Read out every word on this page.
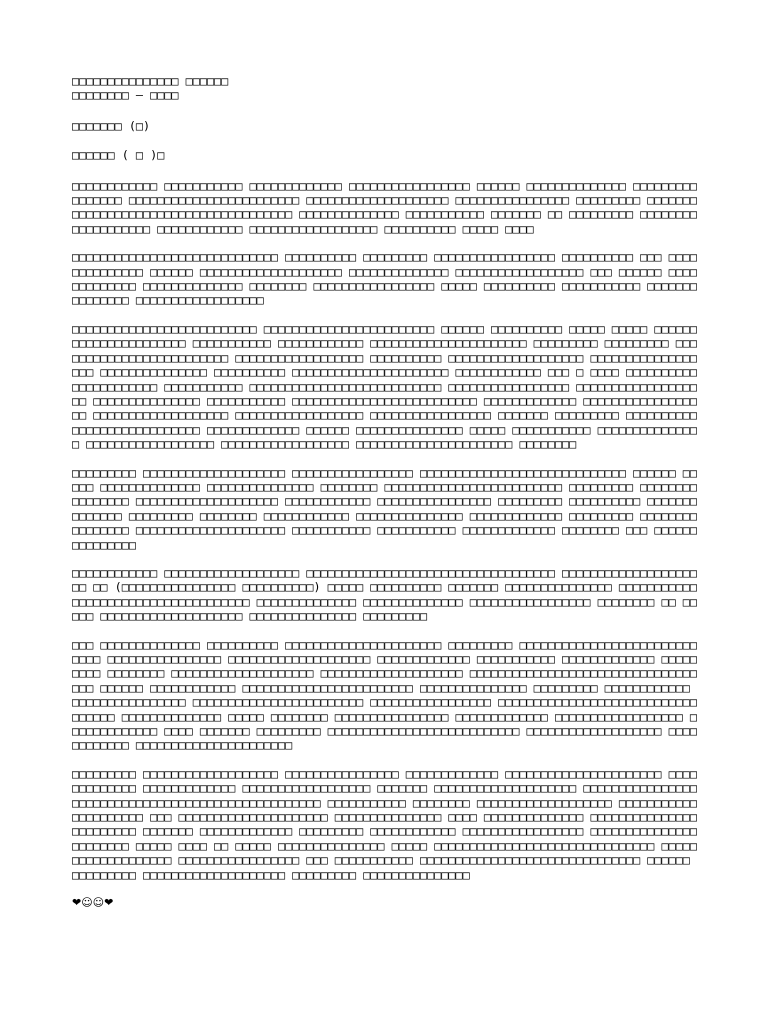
□□□□□□□□□□□□□□□ □□□□□□

□□□□□□□□ – □□□□

□□□□□□□ (□)

□□□□□□ ( □ )□

□□□□□□□□□□□□ □□□□□□□□□□□ □□□□□□□□□□□□□ □□□□□□□□□□□□□□□□□ □□□□□□ □□□□□□□□□□□□□□ □□□□□□□□□□□□□□□□ □□□□□□□□□□□□□□□□□□□□□□□□ □□□□□□□□□□□□□□□□□□□□ □□□□□□□□□□□□□□□□ □□□□□□□□□ □□□□□□□□□□□□□□□□□□□□□□□□□□□□□□□□□□□□□□ □□□□□□□□□□□□□□ □□□□□□□□□□□ □□□□□□□ □□ □□□□□□□□□ □□□□□□□□□□□□□□□□□□□ □□□□□□□□□□□□ □□□□□□□□□□□□□□□□□□ □□□□□□□□□□ □□□□□ □□□□

□□□□□□□□□□□□□□□□□□□□□□□□□□□□□ □□□□□□□□□□ □□□□□□□□□ □□□□□□□□□□□□□□□□□ □□□□□□□□□□ □□□ □□□□□□□□□□□□□□ □□□□□□ □□□□□□□□□□□□□□□□□□□□ □□□□□□□□□□□□□□ □□□□□□□□□□□□□□□□□□ □□□ □□□□□□ □□□□□□□□□□□□□ □□□□□□□□□□□□□□ □□□□□□□□ □□□□□□□□□□□□□□□□□ □□□□□ □□□□□□□□□□ □□□□□□□□□□□ □□□□□□□□□□□□□□□ □□□□□□□□□□□□□□□□□□

□□□□□□□□□□□□□□□□□□□□□□□□□□ □□□□□□□□□□□□□□□□□□□□□□□□ □□□□□□ □□□□□□□□□□ □□□□□ □□□□□ □□□□□□□□□□□□□□□□□□□□□□ □□□□□□□□□□□ □□□□□□□□□□□□ □□□□□□□□□□□□□□□□□□□□□□ □□□□□□□□□ □□□□□□□□□ □□□□□□□□□□□□□□□□□□□□□□□□□ □□□□□□□□□□□□□□□□□□ □□□□□□□□□□ □□□□□□□□□□□□□□□□□□□ □□□□□□□□□□□□□□□□□□ □□□□□□□□□□□□□□□ □□□□□□□□□□ □□□□□□□□□□□□□□□□□□□□□□ □□□□□□□□□□□□ □□□ □ □□□□ □□□□□□□□□□□□□□□□□□□□□□ □□□□□□□□□□□ □□□□□□□□□□□□□□□□□□□□□□□□□□□ □□□□□□□□□□□□□□□□□ □□□□□□□□□□□□□□□□□□□ □□□□□□□□□□□□□□□ □□□□□□□□□□□ □□□□□□□□□□□□□□□□□□□□□□□□□□ □□□□□□□□□□□□□ □□□□□□□□□□□□□□□□□□ □□□□□□□□□□□□□□□□□□□ □□□□□□□□□□□□□□□□□□ □□□□□□□□□□□□□□□□□ □□□□□□□ □□□□□□□□□ □□□□□□□□□□ □□□□□□□□□□□□□□□□□□ □□□□□□□□□□□□□ □□□□□□ □□□□□□□□□□□□□□□ □□□□□ □□□□□□□□□□□ □□□□□□□□□□□□□□□ □□□□□□□□□□□□□□□□□□ □□□□□□□□□□□□□□□□□□ □□□□□□□□□□□□□□□□□□□□□□ □□□□□□□□

□□□□□□□□□ □□□□□□□□□□□□□□□□□□□□ □□□□□□□□□□□□□□□□□ □□□□□□□□□□□□□□□□□□□□□□□□□□□□□ □□□□□□ □□□□□ □□□□□□□□□□□□□□ □□□□□□□□□□□□□□□ □□□□□□□□ □□□□□□□□□□□□□□□□□□□□□□□□□ □□□□□□□□□ □□□□□□□□□□□□□□□□ □□□□□□□□□□□□□□□□□□□□ □□□□□□□□□□□□ □□□□□□□□□□□□□□□□ □□□□□□□□□ □□□□□□□□□□ □□□□□□□□□□□□□□ □□□□□□□□□ □□□□□□□□ □□□□□□□□□□□□ □□□□□□□□□□□□□□□ □□□□□□□□□□□□□ □□□□□□□□□ □□□□□□□□□□□□□□□□ □□□□□□□□□□□□□□□□□□□□□ □□□□□□□□□□□ □□□□□□□□□□□ □□□□□□□□□□□□□ □□□□□□□□ □□□ □□□□□□□□□□□□□□□

□□□□□□□□□□□□ □□□□□□□□□□□□□□□□□□□ □□□□□□□□□□□□□□□□□□□□□□□□□□□□□□□□□□□ □□□□□□□□□□□□□□□□□□□□□ □□ (□□□□□□□□□□□□□□□□ □□□□□□□□□□) □□□□□ □□□□□□□□□□ □□□□□□□ □□□□□□□□□□□□□□□ □□□□□□□□□□□ □□□□□□□□□□□□□□□□□□□□□□□□□ □□□□□□□□□□□□□□ □□□□□□□□□□□□□□ □□□□□□□□□□□□□□□□□ □□□□□□□□ □□ □□□□□ □□□□□□□□□□□□□□□□□□□□ □□□□□□□□□□□□□□□ □□□□□□□□□

□□□ □□□□□□□□□□□□□□ □□□□□□□□□□ □□□□□□□□□□□□□□□□□□□□□□ □□□□□□□□□ □□□□□□□□□□□□□□□□□□□□□□□□□□□□□ □□□□□□□□□□□□□□□□ □□□□□□□□□□□□□□□□□□□□ □□□□□□□□□□□□□ □□□□□□□□□□□ □□□□□□□□□□□□□ □□□□□□□□□ □□□□□□□□ □□□□□□□□□□□□□□□□□□□□ □□□□□□□□□□□□□□□□□□□□ □□□□□□□□□□□□□□□□□□□□□□□□□□□□□□□□□□□ □□□□□□ □□□□□□□□□□□□ □□□□□□□□□□□□□□□□□□□□□□□□ □□□□□□□□□□□□□□□ □□□□□□□□□ □□□□□□□□□□□□ □□□□□□□□□□□□□□□□ □□□□□□□□□□□□□□□□□□□□□□□□ □□□□□□□□□□□□□□□□□ □□□□□□□□□□□□□□□□□□□□□□□□□□□□□□□□□□ □□□□□□□□□□□□□□ □□□□□ □□□□□□□□ □□□□□□□□□□□□□□□□ □□□□□□□□□□□□□ □□□□□□□□□□□□□□□□□□ □□□□□□□□□□□□□ □□□□ □□□□□□□ □□□□□□□□□ □□□□□□□□□□□□□□□□□□□□□□□□□□□ □□□□□□□□□□□□□□□□□□□ □□□□□□□□□□□□ □□□□□□□□□□□□□□□□□□□□□□

□□□□□□□□□ □□□□□□□□□□□□□□□□□□□ □□□□□□□□□□□□□□□□ □□□□□□□□□□□□□ □□□□□□□□□□□□□□□□□□□□□□ □□□□□□□□□□□□□ □□□□□□□□□□□□□ □□□□□□□□□□□□□□□□□□ □□□□□□□ □□□□□□□□□□□□□□□□□□□□ □□□□□□□□□□□□□□□□ □□□□□□□□□□□□□□□□□□□□□□□□□□□□□□□□□□□ □□□□□□□□□□□ □□□□□□□□ □□□□□□□□□□□□□□□□□□□ □□□□□□□□□□□□□□□□□□□□□ □□□ □□□□□□□□□□□□□□□□□□□□□ □□□□□□□□□□□□□□□ □□□□ □□□□□□□□□□□□□□ □□□□□□□□□□□□□□□□□□□□□□□□ □□□□□□□ □□□□□□□□□□□□□ □□□□□□□□□ □□□□□□□□□□□□ □□□□□□□□□□□□□□□□□ □□□□□□□□□□□□□□□□□□□□□□□ □□□□□ □□□□ □□ □□□□□ □□□□□□□□□□□□□□□ □□□□□ □□□□□□□□□□□□□□□□□□□□□□□□□□□□□□□ □□□□□□□□□□□□□□□□□□□ □□□□□□□□□□□□□□□□□ □□□ □□□□□□□□□□□ □□□□□□□□□□□□□□□□□□□□□□□□□□□□□□□ □□□□□□ □□□□□□□□□ □□□□□□□□□□□□□□□□□□□□ □□□□□□□□□ □□□□□□□□□□□□□□□

❤☺☺❤
